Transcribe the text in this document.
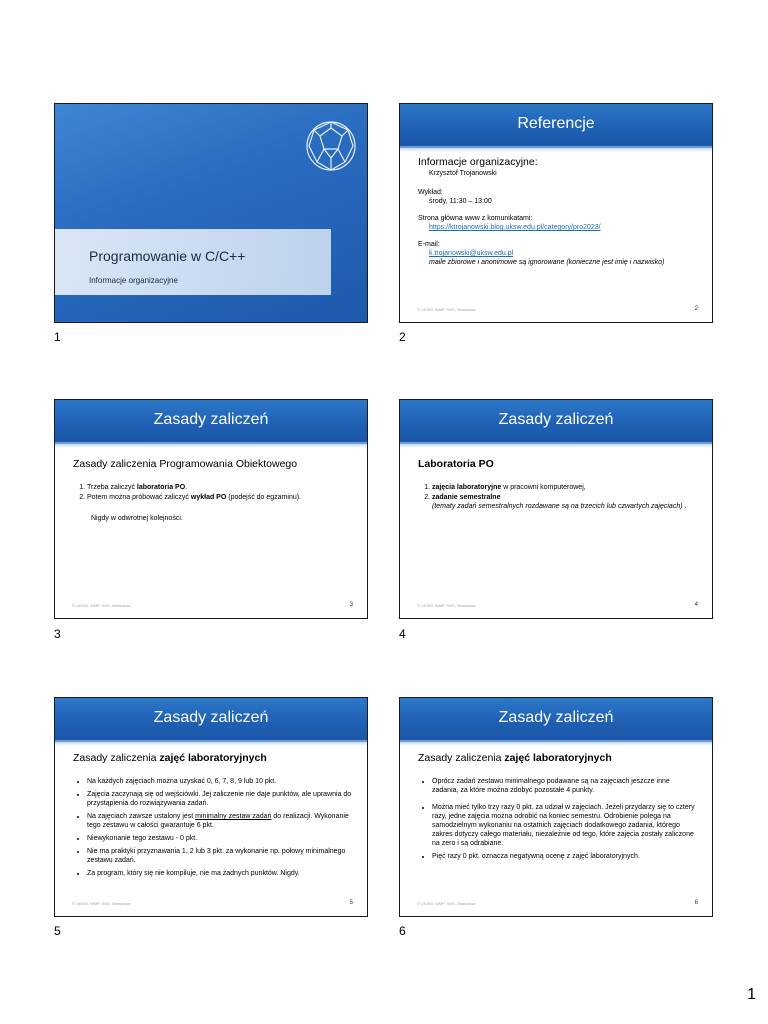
Programowanie w C/C++
Informacje organizacyjne
1
Referencje
Informacje organizacyjne:
Krzysztof Trojanowski
Wykład:
środy, 11:30 – 13:00
Strona główna www z komunikatami:
https://ktrojanowski.blog.uksw.edu.pl/category/pro2023/
E-mail:
k.trojanowski@uksw.edu.pl
maile zbiorowe i anonimowe są ignorowane (konieczne jest imię i nazwisko)
© UKSW, WMP. SNS, Warszawa	2
2
Zasady zaliczeń
Zasady zaliczenia Programowania Obiektowego
1. Trzeba zaliczyć laboratoria PO.
2. Potem można próbować zaliczyć wykład PO (podejść do egzaminu).
Nigdy w odwrotnej kolejności.
© UKSW, WMP. SNS, Warszawa	3
3
Zasady zaliczeń
Laboratoria PO
1. zajęcia laboratoryjne w pracowni komputerowej,
2. zadanie semestralne
(tematy zadań semestralnych rozdawane są na trzecich lub czwartych zajęciach) .
© UKSW, WMP. SNS, Warszawa	4
4
Zasady zaliczeń
Zasady zaliczenia zajęć laboratoryjnych
• Na każdych zajęciach można uzyskać 0, 6, 7, 8, 9 lub 10 pkt.
• Zajęcia zaczynają się od wejściówki. Jej zaliczenie nie daje punktów, ale uprawnia do przystąpienia do rozwiązywania zadań.
• Na zajęciach zawsze ustalony jest minimalny zestaw zadań do realizacji. Wykonanie tego zestawu w całości gwarantuje 6 pkt.
• Niewykonanie tego zestawu - 0 pkt.
• Nie ma praktyki przyznawania 1, 2 lub 3 pkt. za wykonanie np. połowy minimalnego zestawu zadań.
• Za program, który się nie kompiluje, nie ma żadnych punktów. Nigdy.
© UKSW, WMP. SNS, Warszawa	5
5
Zasady zaliczeń
Zasady zaliczenia zajęć laboratoryjnych
• Oprócz zadań zestawu minimalnego podawane są na zajęciach jeszcze inne zadania, za które można zdobyć pozostałe 4 punkty.
• Można mieć tylko trzy razy 0 pkt. za udział w zajęciach. Jeżeli przydarzy się to cztery razy, jedne zajęcia można odrobić na koniec semestru. Odrobienie polega na samodzielnym wykonaniu na ostatnich zajęciach dodatkowego zadania, którego zakres dotyczy całego materiału, niezależnie od tego, które zajęcia zostały zaliczone na zero i są odrabiane.
• Pięć razy 0 pkt. oznacza negatywną ocenę z zajęć laboratoryjnych.
© UKSW, WMP. SNS, Warszawa	6
6
1
